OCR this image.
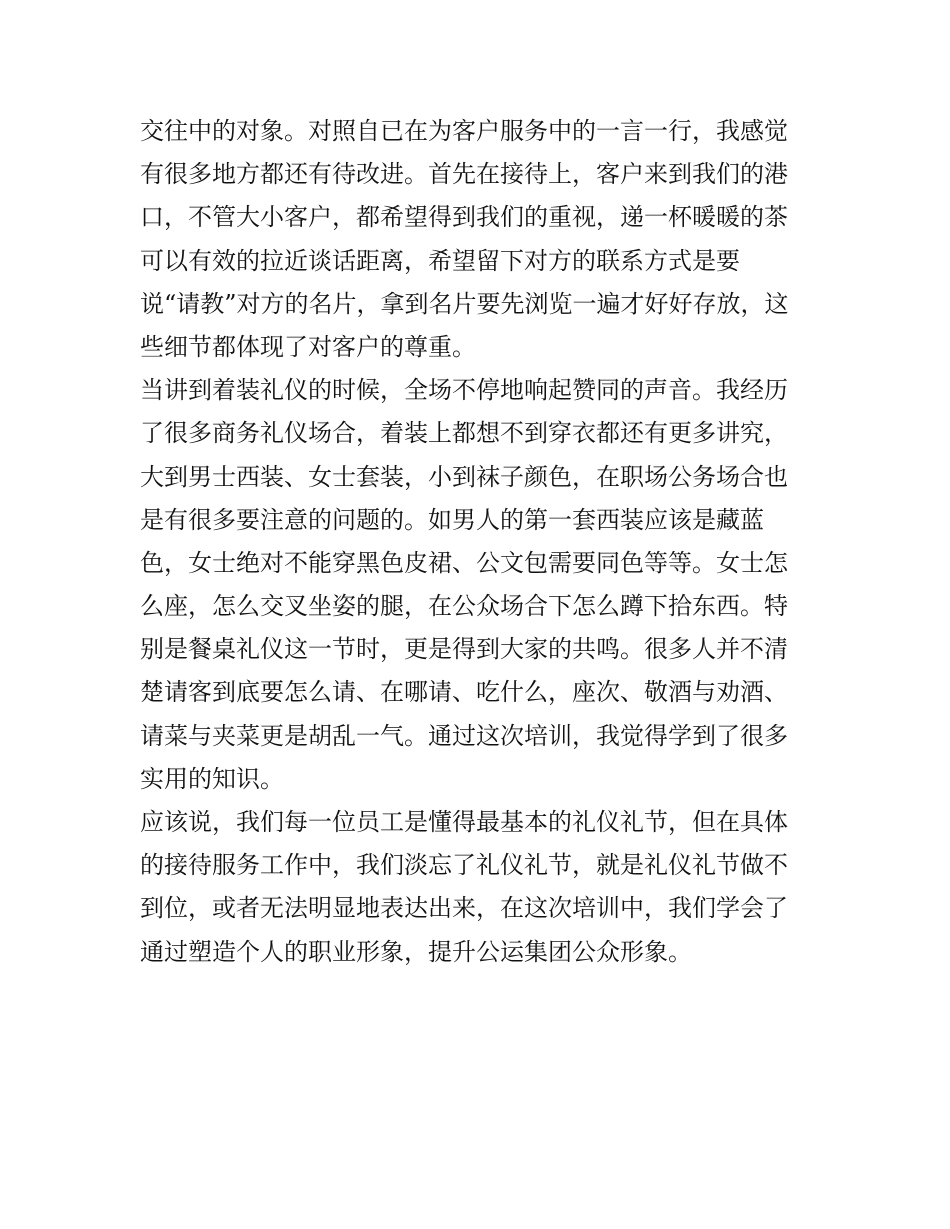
交往中的对象。对照自已在为客户服务中的一言一行，我感觉
有很多地方都还有待改进。首先在接待上，客户来到我们的港
口，不管大小客户，都希望得到我们的重视，递一杯暖暖的茶
可以有效的拉近谈话距离，希望留下对方的联系方式是要
说“请教”对方的名片，拿到名片要先浏览一遍才好好存放，这
些细节都体现了对客户的尊重。
当讲到着装礼仪的时候，全场不停地响起赞同的声音。我经历
了很多商务礼仪场合，着装上都想不到穿衣都还有更多讲究，
大到男士西装、女士套装，小到袜子颜色，在职场公务场合也
是有很多要注意的问题的。如男人的第一套西装应该是藏蓝
色，女士绝对不能穿黑色皮裙、公文包需要同色等等。女士怎
么座，怎么交叉坐姿的腿，在公众场合下怎么蹲下拾东西。特
别是餐桌礼仪这一节时，更是得到大家的共鸣。很多人并不清
楚请客到底要怎么请、在哪请、吃什么，座次、敬酒与劝酒、
请菜与夹菜更是胡乱一气。通过这次培训，我觉得学到了很多
实用的知识。
应该说，我们每一位员工是懂得最基本的礼仪礼节，但在具体
的接待服务工作中，我们淡忘了礼仪礼节，就是礼仪礼节做不
到位，或者无法明显地表达出来，在这次培训中，我们学会了
通过塑造个人的职业形象，提升公运集团公众形象。
